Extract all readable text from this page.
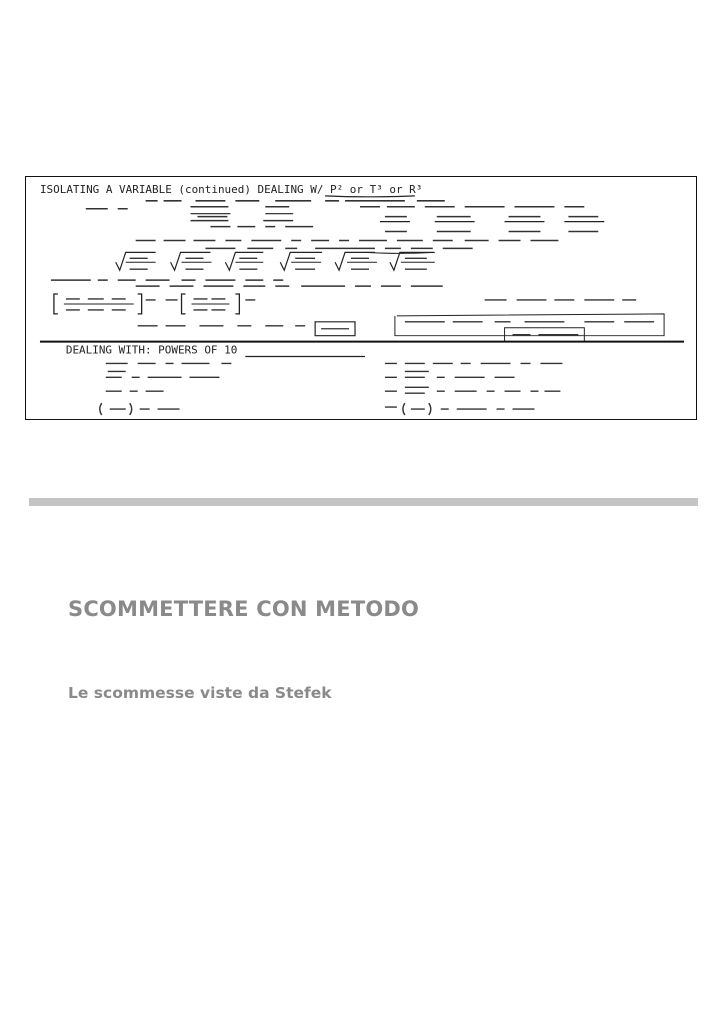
ISOLATING A VARIABLE (continued) DEALING W/ P² or T³ or R³
DEALING WITH: POWERS OF 10
SCOMMETTERE CON METODO

Le scommesse viste da Stefek
